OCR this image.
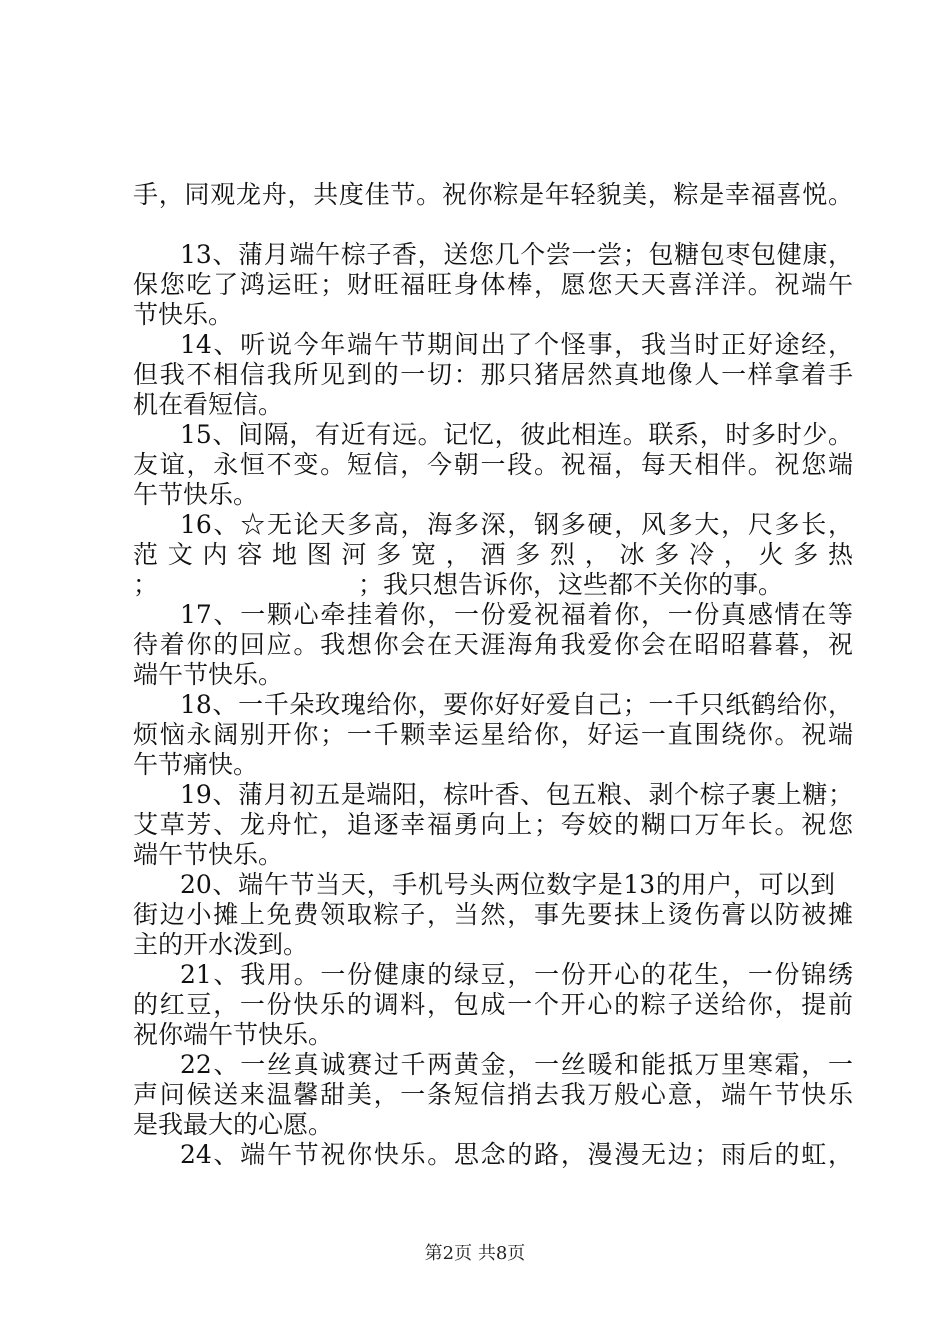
手，同观龙舟，共度佳节。祝你粽是年轻貌美，粽是幸福喜悦。
13、蒲月端午棕子香，送您几个尝一尝；包糖包枣包健康，
保您吃了鸿运旺；财旺福旺身体棒，愿您天天喜洋洋。祝端午
节快乐。
14、听说今年端午节期间出了个怪事，我当时正好途经，
但我不相信我所见到的一切：那只猪居然真地像人一样拿着手
机在看短信。
15、间隔，有近有远。记忆，彼此相连。联系，时多时少。
友谊，永恒不变。短信，今朝一段。祝福，每天相伴。祝您端
午节快乐。
16、☆无论天多高，海多深，钢多硬，风多大，尺多长，
范文内容地图河多宽，酒多烈，冰多冷，火多热
；	；我只想告诉你，这些都不关你的事。
17、一颗心牵挂着你，一份爱祝福着你，一份真感情在等
待着你的回应。我想你会在天涯海角我爱你会在昭昭暮暮，祝
端午节快乐。
18、一千朵玫瑰给你，要你好好爱自己；一千只纸鹤给你，
烦恼永阔别开你；一千颗幸运星给你，好运一直围绕你。祝端
午节痛快。
19、蒲月初五是端阳，棕叶香、包五粮、剥个棕子裹上糖；
艾草芳、龙舟忙，追逐幸福勇向上；夸姣的糊口万年长。祝您
端午节快乐。
20、端午节当天，手机号头两位数字是13的用户，可以到
街边小摊上免费领取粽子，当然，事先要抹上烫伤膏以防被摊
主的开水泼到。
21、我用。一份健康的绿豆，一份开心的花生，一份锦绣
的红豆，一份快乐的调料，包成一个开心的粽子送给你，提前
祝你端午节快乐。
22、一丝真诚赛过千两黄金，一丝暖和能抵万里寒霜，一
声问候送来温馨甜美，一条短信捎去我万般心意，端午节快乐
是我最大的心愿。
24、端午节祝你快乐。思念的路，漫漫无边；雨后的虹，
第2页 共8页
